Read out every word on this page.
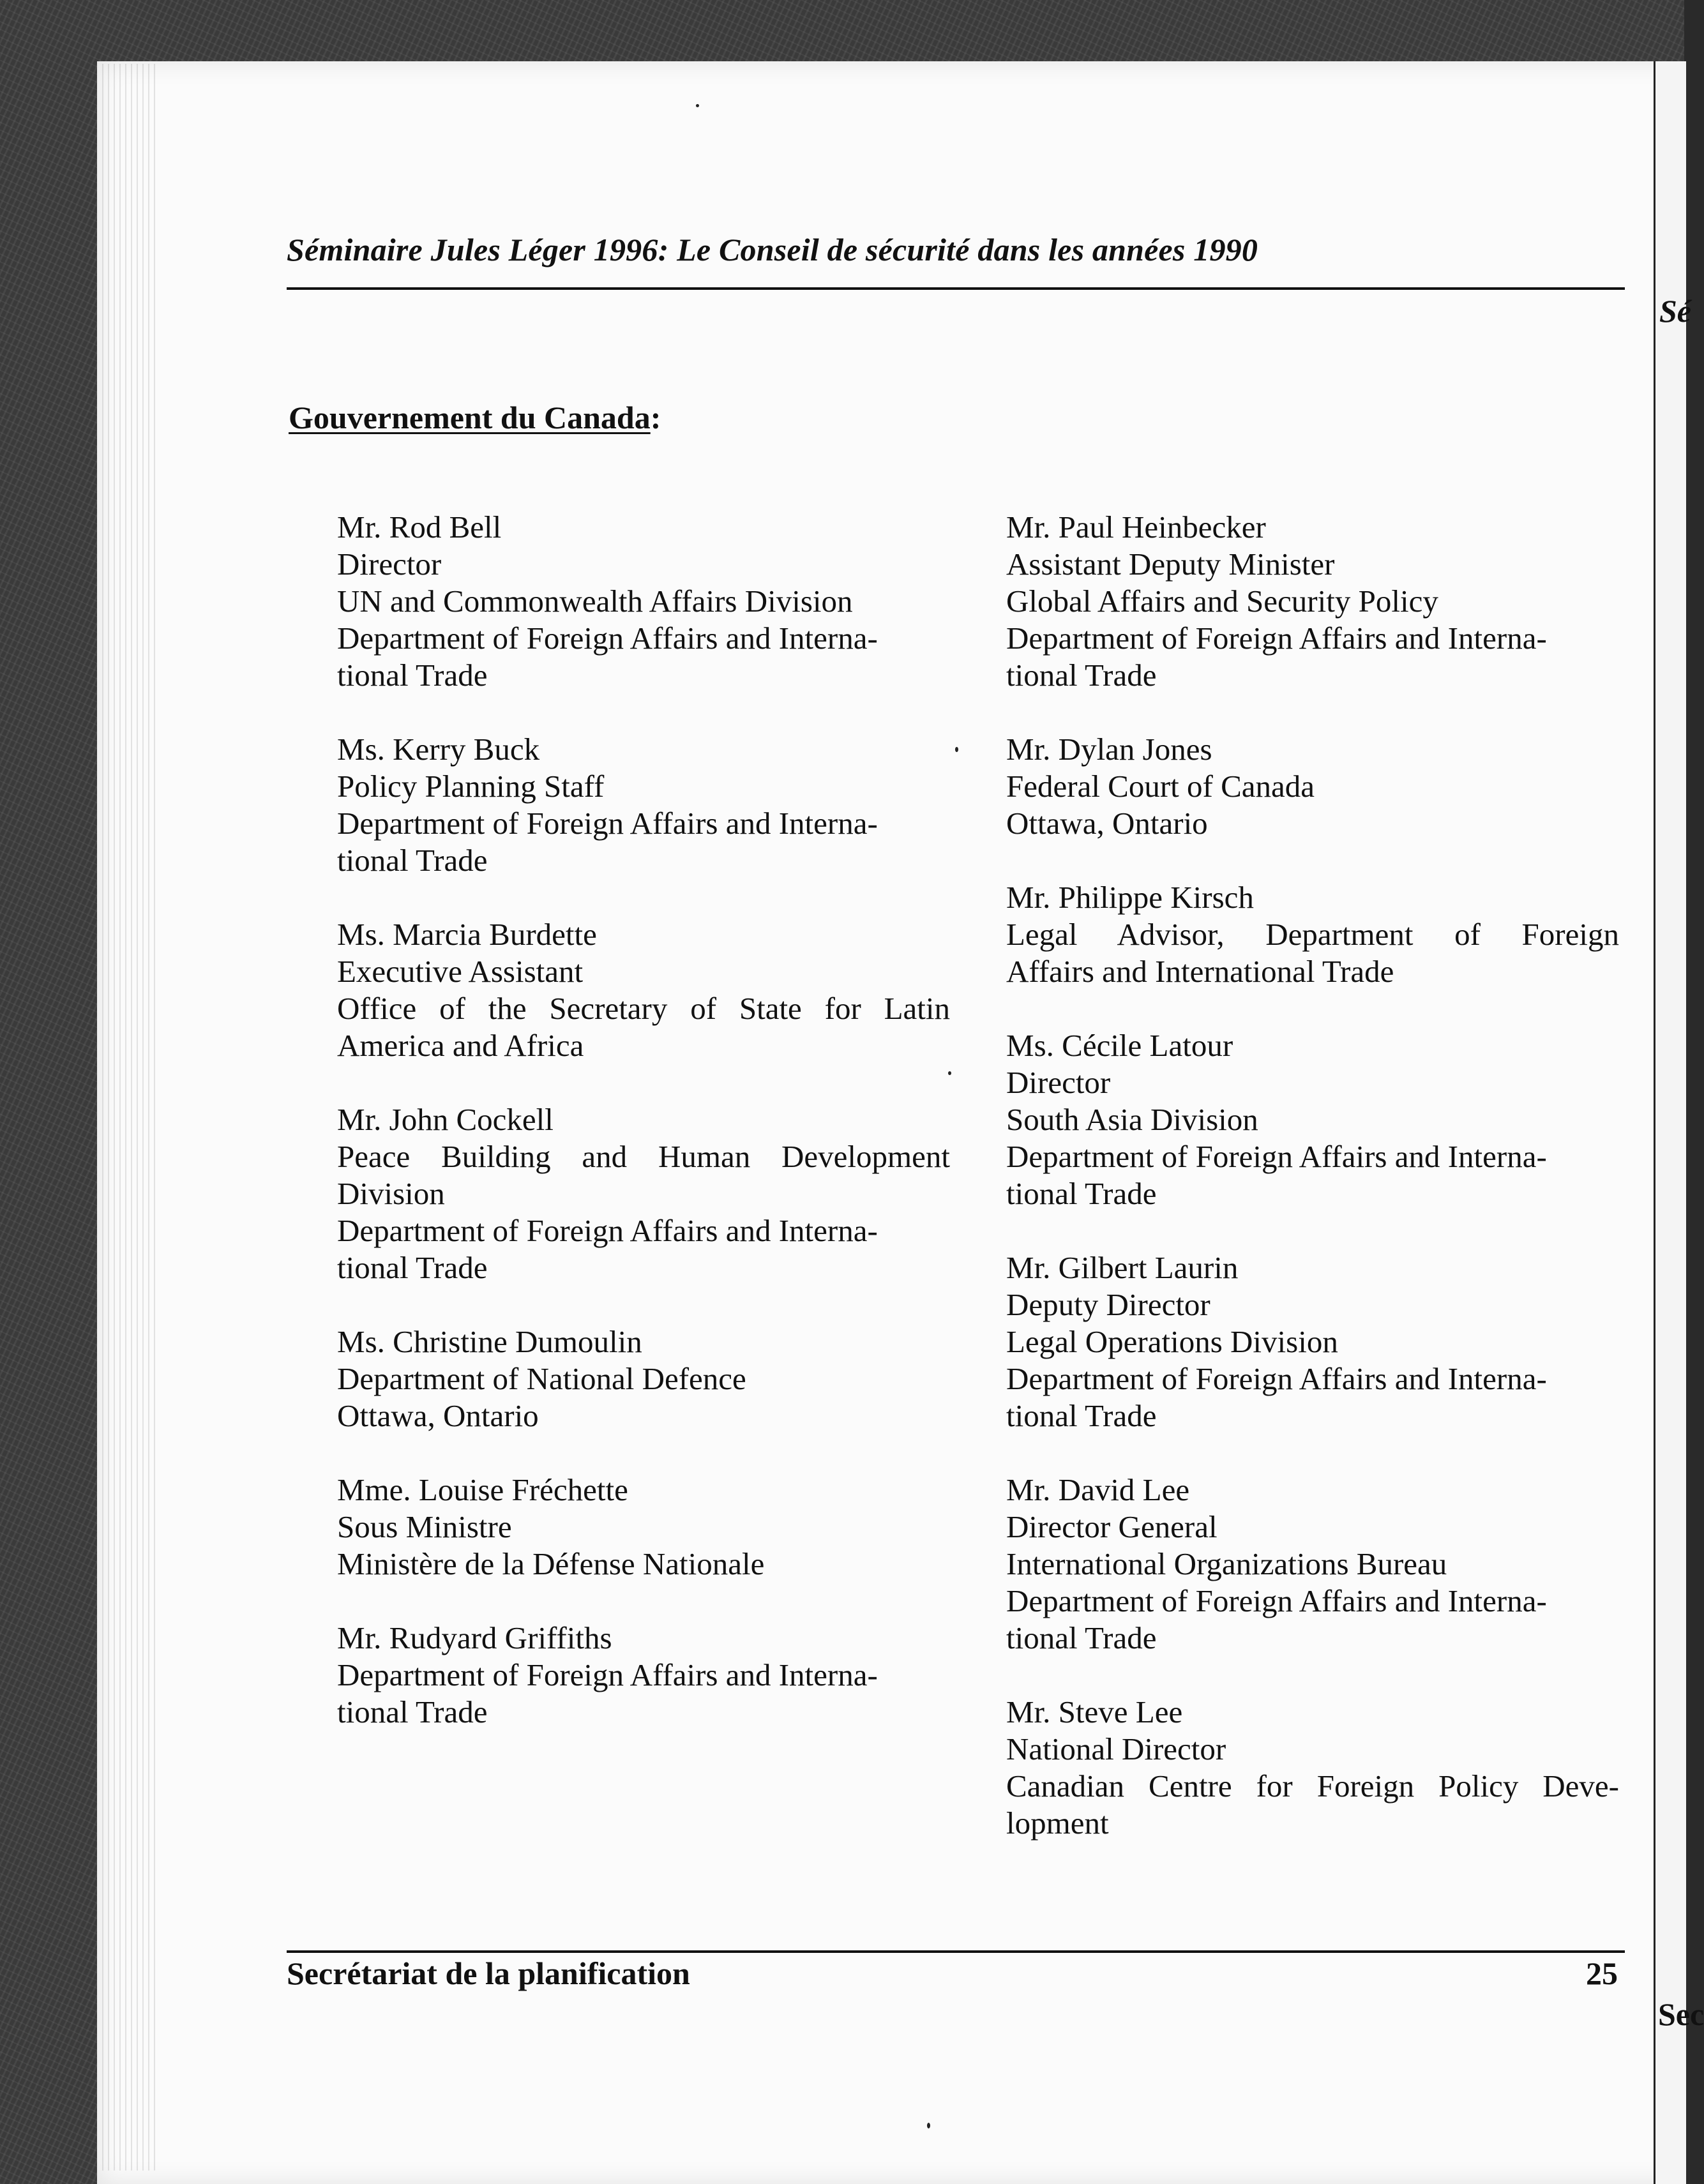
Sé
Sec
Séminaire Jules Léger 1996: Le Conseil de sécurité dans les années 1990
Gouvernement du Canada:
Mr. Rod Bell
Director
UN and Commonwealth Affairs Division
Department of Foreign Affairs and Interna-
tional Trade
Ms. Kerry Buck
Policy Planning Staff
Department of Foreign Affairs and Interna-
tional Trade
Ms. Marcia Burdette
Executive Assistant
Office of the Secretary of State for Latin
America and Africa
Mr. John Cockell
Peace Building and Human Development
Division
Department of Foreign Affairs and Interna-
tional Trade
Ms. Christine Dumoulin
Department of National Defence
Ottawa, Ontario
Mme. Louise Fréchette
Sous Ministre
Ministère de la Défense Nationale
Mr. Rudyard Griffiths
Department of Foreign Affairs and Interna-
tional Trade
Mr. Paul Heinbecker
Assistant Deputy Minister
Global Affairs and Security Policy
Department of Foreign Affairs and Interna-
tional Trade
Mr. Dylan Jones
Federal Court of Canada
Ottawa, Ontario
Mr. Philippe Kirsch
Legal Advisor, Department of Foreign
Affairs and International Trade
Ms. Cécile Latour
Director
South Asia Division
Department of Foreign Affairs and Interna-
tional Trade
Mr. Gilbert Laurin
Deputy Director
Legal Operations Division
Department of Foreign Affairs and Interna-
tional Trade
Mr. David Lee
Director General
International Organizations Bureau
Department of Foreign Affairs and Interna-
tional Trade
Mr. Steve Lee
National Director
Canadian Centre for Foreign Policy Deve-
lopment
Secrétariat de la planification	25
